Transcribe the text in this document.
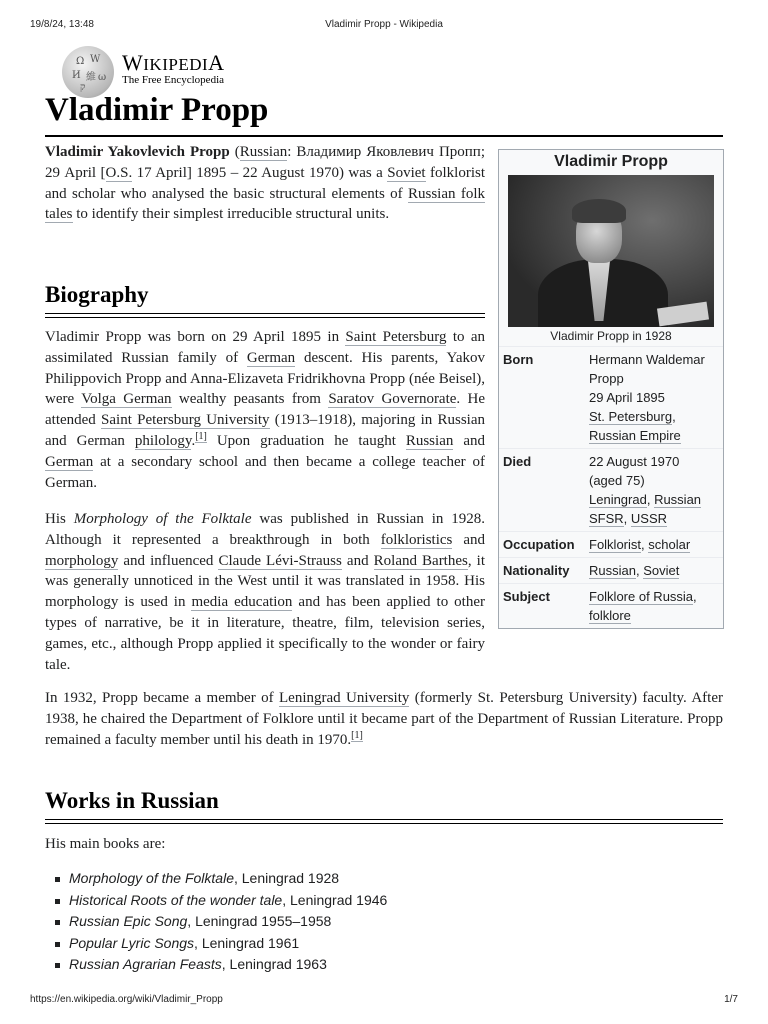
19/8/24, 13:48	Vladimir Propp - Wikipedia
Ω W
И 維 ω
ק
WIKIPEDIA
The Free Encyclopedia
Vladimir Propp

Vladimir Yakovlevich Propp (Russian: Владимир Яковлевич Пропп; 29 April [O.S. 17 April] 1895 – 22 August 1970) was a Soviet folklorist and scholar who analysed the basic structural elements of Russian folk tales to identify their simplest irreducible structural units.

Biography

Vladimir Propp was born on 29 April 1895 in Saint Petersburg to an assimilated Russian family of German descent. His parents, Yakov Philippovich Propp and Anna-Elizaveta Fridrikhovna Propp (née Beisel), were Volga German wealthy peasants from Saratov Governorate. He attended Saint Petersburg University (1913–1918), majoring in Russian and German philology.[1] Upon graduation he taught Russian and German at a secondary school and then became a college teacher of German.

His Morphology of the Folktale was published in Russian in 1928. Although it represented a breakthrough in both folkloristics and morphology and influenced Claude Lévi-Strauss and Roland Barthes, it was generally unnoticed in the West until it was translated in 1958. His morphology is used in media education and has been applied to other types of narrative, be it in literature, theatre, film, television series, games, etc., although Propp applied it specifically to the wonder or fairy tale.

In 1932, Propp became a member of Leningrad University (formerly St. Petersburg University) faculty. After 1938, he chaired the Department of Folklore until it became part of the Department of Russian Literature. Propp remained a faculty member until his death in 1970.[1]

Works in Russian

His main books are:

Morphology of the Folktale, Leningrad 1928
Historical Roots of the wonder tale, Leningrad 1946
Russian Epic Song, Leningrad 1955–1958
Popular Lyric Songs, Leningrad 1961
Russian Agrarian Feasts, Leningrad 1963
Vladimir Propp
Vladimir Propp in 1928
Born	Hermann Waldemar Propp
29 April 1895
St. Petersburg,
Russian Empire
Died	22 August 1970
(aged 75)
Leningrad, Russian SFSR, USSR
Occupation	Folklorist, scholar
Nationality	Russian, Soviet
Subject	Folklore of Russia, folklore
https://en.wikipedia.org/wiki/Vladimir_Propp	1/7
